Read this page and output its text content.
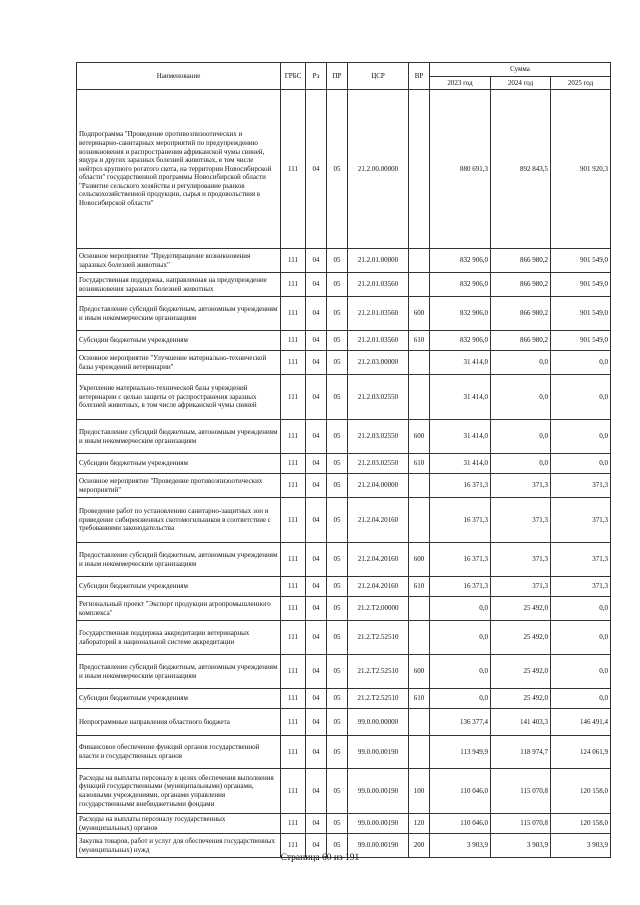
Наименование	ГРБС	Рз	ПР	ЦСР	ВР	Сумма		
						2023 год	2024 год	2025 год
Подпрограмма "Проведение противоэпизоотических и ветеринарно-санитарных мероприятий по предупреждению возникновения и распространения африканской чумы свиней, ящура и других заразных болезней животных, в том числе нейтроз крупного рогатого скота, на территории Новосибирской области" государственной программы Новосибирской области "Развитие сельского хозяйства и регулирование рынков сельскохозяйственной продукции, сырья и продовольствия в Новосибирской области"	111	04	05	21.2.00.00000		880 691,3	892 843,5	901 920,3
Основное мероприятие "Предотвращение возникновения заразных болезней животных"	111	04	05	21.2.01.00000		832 906,0	866 980,2	901 549,0
Государственная поддержка, направленная на предупреждение возникновения заразных болезней животных	111	04	05	21.2.01.03560		832 906,0	866 980,2	901 549,0
Предоставление субсидий бюджетным, автономным учреждениям и иным некоммерческим организациям	111	04	05	21.2.01.03560	600	832 906,0	866 980,2	901 549,0
Субсидии бюджетным учреждениям	111	04	05	21.2.01.03560	610	832 906,0	866 980,2	901 549,0
Основное мероприятие "Улучшение материально-технической базы учреждений ветеринарии"	111	04	05	21.2.03.00000		31 414,0	0,0	0,0
Укрепление материально-технической базы учреждений ветеринарии с целью защиты от распространения заразных болезней животных, в том числе африканской чумы свиней	111	04	05	21.2.03.02550		31 414,0	0,0	0,0
Предоставление субсидий бюджетным, автономным учреждениям и иным некоммерческим организациям	111	04	05	21.2.03.02550	600	31 414,0	0,0	0,0
Субсидии бюджетным учреждениям	111	04	05	21.2.03.02550	610	31 414,0	0,0	0,0
Основное мероприятие "Проведение противоэпизоотических мероприятий"	111	04	05	21.2.04.00000		16 371,3	371,3	371,3
Проведение работ по установлению санитарно-защитных зон и приведение сибиреязвенных скотомогильников в соответствие с требованиями законодательства	111	04	05	21.2.04.20160		16 371,3	371,3	371,3
Предоставление субсидий бюджетным, автономным учреждениям и иным некоммерческим организациям	111	04	05	21.2.04.20160	600	16 371,3	371,3	371,3
Субсидии бюджетным учреждениям	111	04	05	21.2.04.20160	610	16 371,3	371,3	371,3
Региональный проект "Экспорт продукции агропромышленного комплекса"	111	04	05	21.2.T2.00000		0,0	25 492,0	0,0
Государственная поддержка аккредитации ветеринарных лабораторий в национальной системе аккредитации	111	04	05	21.2.T2.52510		0,0	25 492,0	0,0
Предоставление субсидий бюджетным, автономным учреждениям и иным некоммерческим организациям	111	04	05	21.2.T2.52510	600	0,0	25 492,0	0,0
Субсидии бюджетным учреждениям	111	04	05	21.2.T2.52510	610	0,0	25 492,0	0,0
Непрограммные направления областного бюджета	111	04	05	99.0.00.00000		136 377,4	141 403,3	146 491,4
Финансовое обеспечение функций органов государственной власти и государственных органов	111	04	05	99.0.00.00190		113 949,9	118 974,7	124 061,9
Расходы на выплаты персоналу в целях обеспечения выполнения функций государственными (муниципальными) органами, казенными учреждениями, органами управления государственными внебюджетными фондами	111	04	05	99.0.00.00190	100	110 046,0	115 070,8	120 158,0
Расходы на выплаты персоналу государственных (муниципальных) органов	111	04	05	99.0.00.00190	120	110 046,0	115 070,8	120 158,0
Закупка товаров, работ и услуг для обеспечения государственных (муниципальных) нужд	111	04	05	99.0.00.00190	200	3 903,9	3 903,9	3 903,9
Страница 60 из 191
